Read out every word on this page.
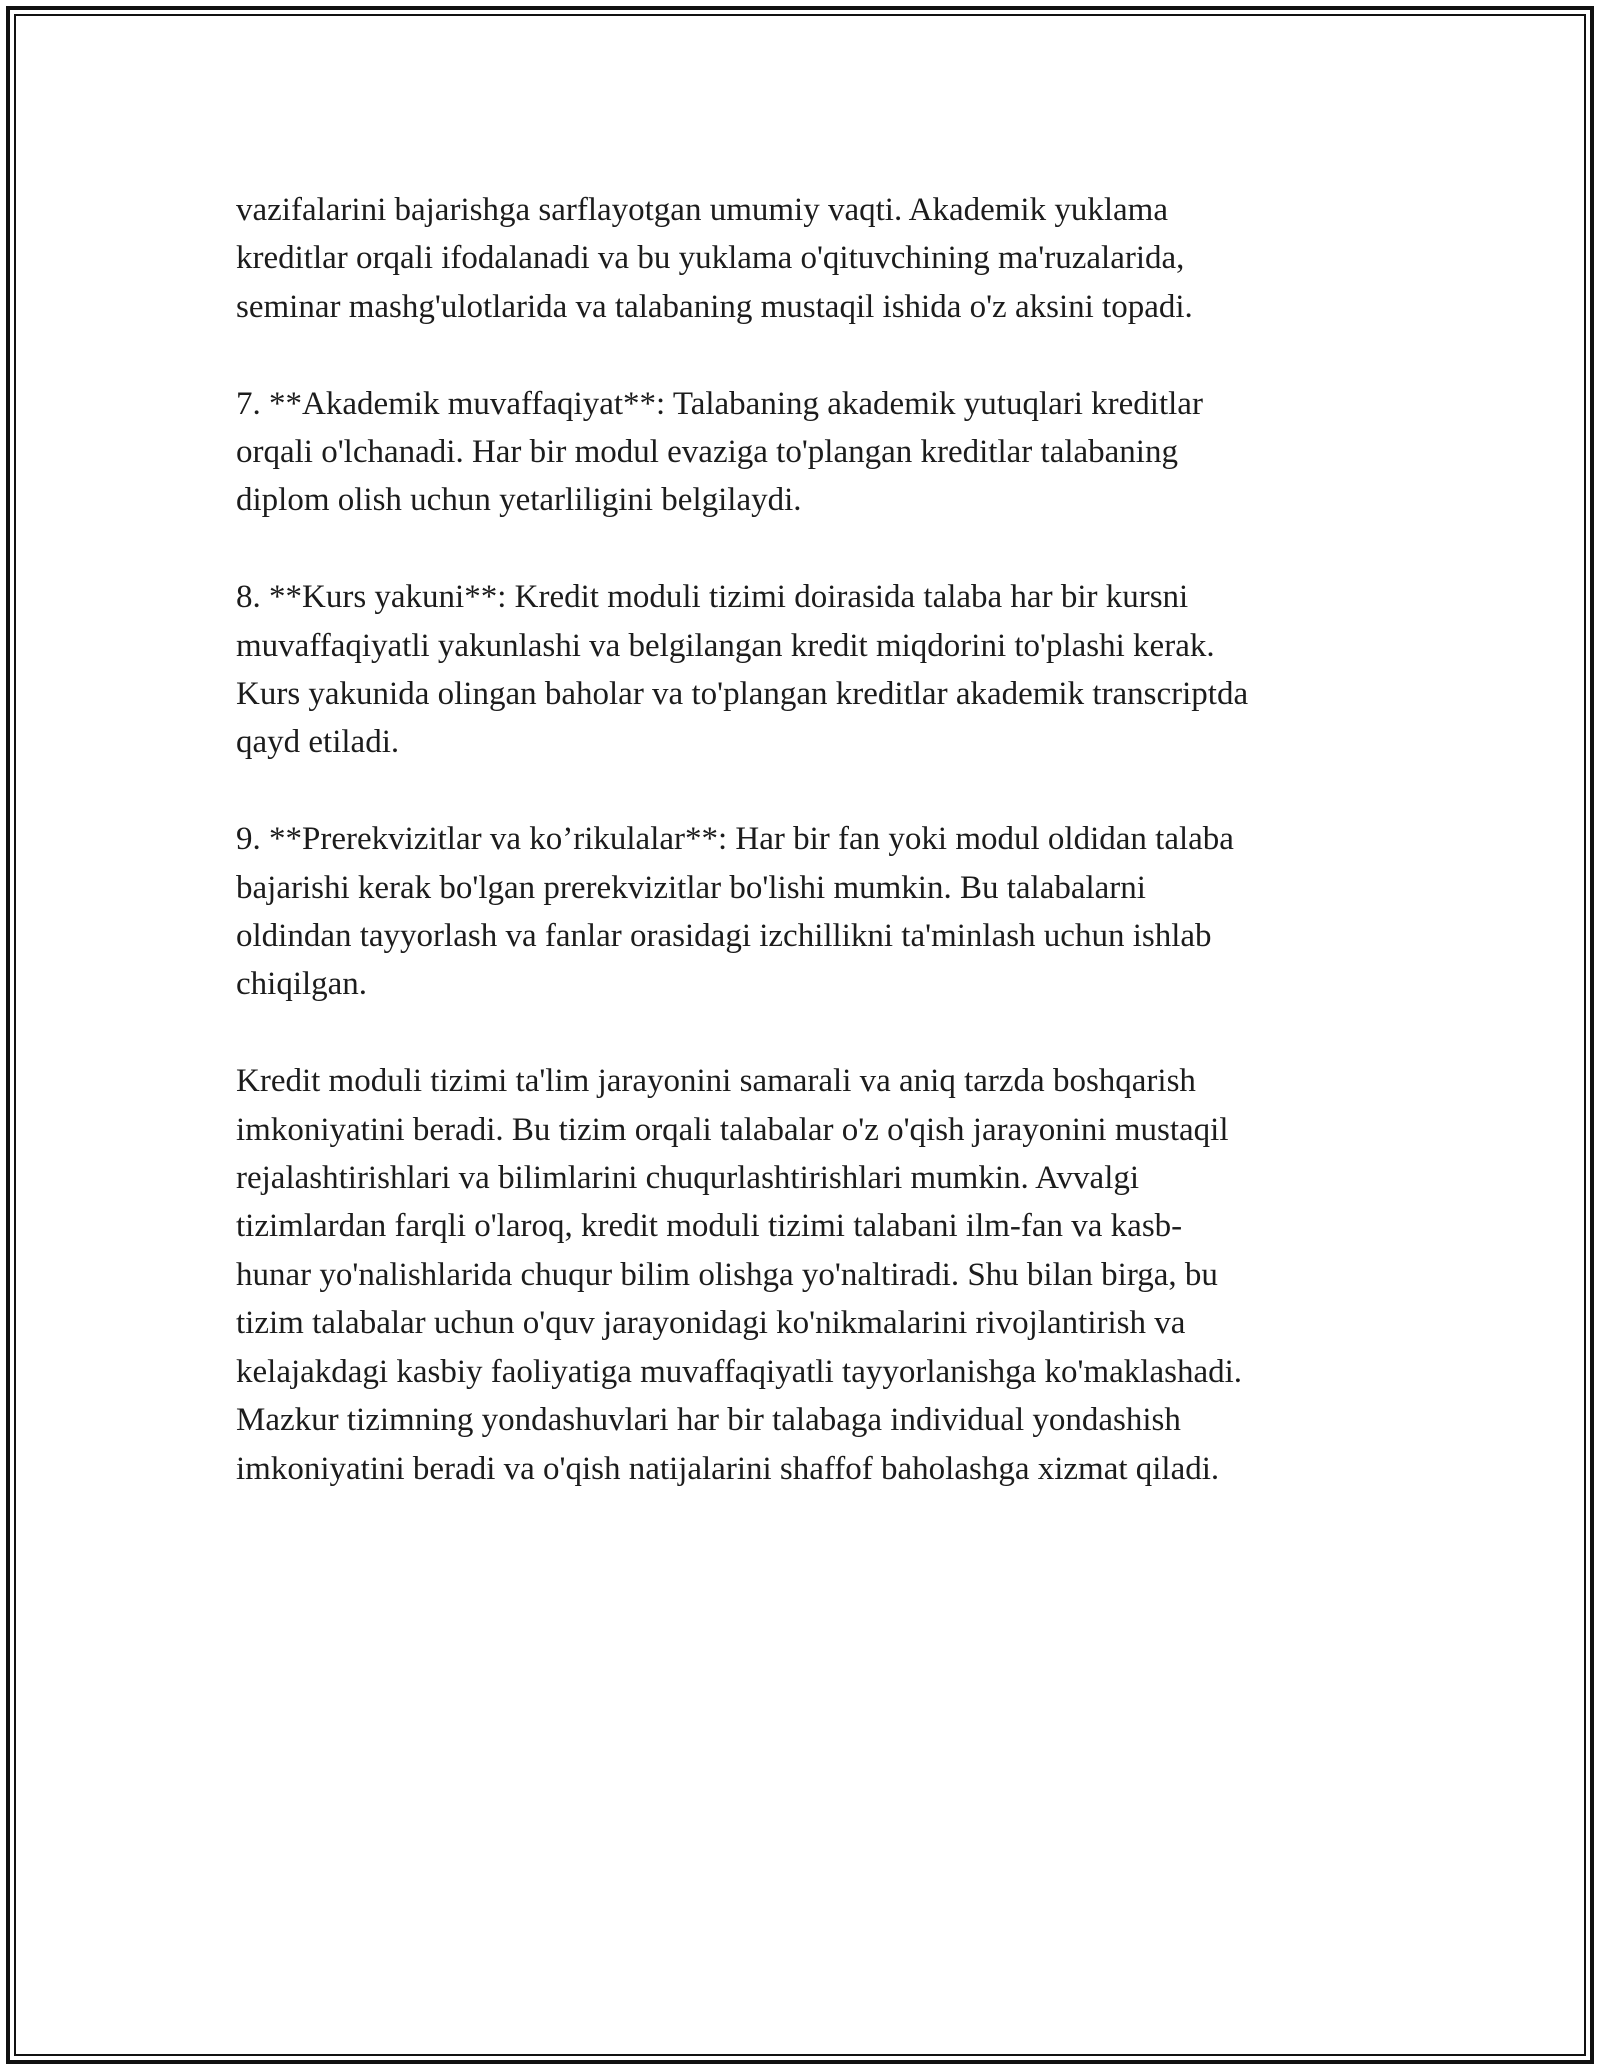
vazifalarini bajarishga sarflayotgan umumiy vaqti. Akademik yuklama
kreditlar orqali ifodalanadi va bu yuklama o'qituvchining ma'ruzalarida,
seminar mashg'ulotlarida va talabaning mustaqil ishida o'z aksini topadi.

7. **Akademik muvaffaqiyat**: Talabaning akademik yutuqlari kreditlar
orqali o'lchanadi. Har bir modul evaziga to'plangan kreditlar talabaning
diplom olish uchun yetarliligini belgilaydi.

8. **Kurs yakuni**: Kredit moduli tizimi doirasida talaba har bir kursni
muvaffaqiyatli yakunlashi va belgilangan kredit miqdorini to'plashi kerak.
Kurs yakunida olingan baholar va to'plangan kreditlar akademik transcriptda
qayd etiladi.

9. **Prerekvizitlar va ko’rikulalar**: Har bir fan yoki modul oldidan talaba
bajarishi kerak bo'lgan prerekvizitlar bo'lishi mumkin. Bu talabalarni
oldindan tayyorlash va fanlar orasidagi izchillikni ta'minlash uchun ishlab
chiqilgan.

Kredit moduli tizimi ta'lim jarayonini samarali va aniq tarzda boshqarish
imkoniyatini beradi. Bu tizim orqali talabalar o'z o'qish jarayonini mustaqil
rejalashtirishlari va bilimlarini chuqurlashtirishlari mumkin. Avvalgi
tizimlardan farqli o'laroq, kredit moduli tizimi talabani ilm-fan va kasb-
hunar yo'nalishlarida chuqur bilim olishga yo'naltiradi. Shu bilan birga, bu
tizim talabalar uchun o'quv jarayonidagi ko'nikmalarini rivojlantirish va
kelajakdagi kasbiy faoliyatiga muvaffaqiyatli tayyorlanishga ko'maklashadi.
Mazkur tizimning yondashuvlari har bir talabaga individual yondashish
imkoniyatini beradi va o'qish natijalarini shaffof baholashga xizmat qiladi.
